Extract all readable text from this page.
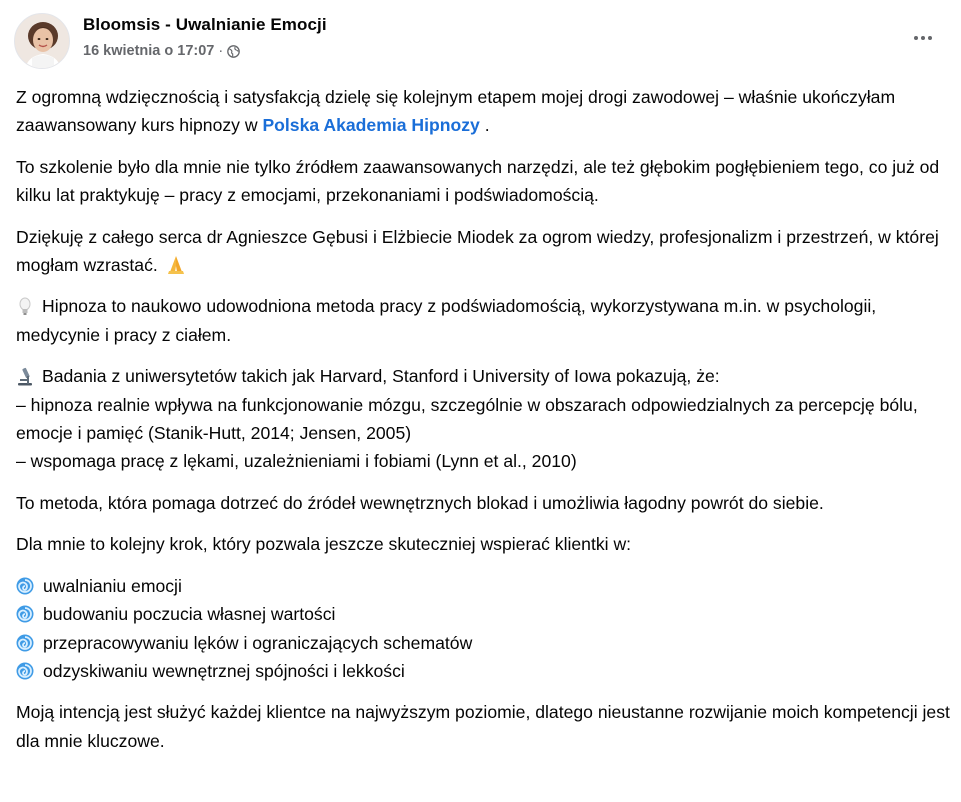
Bloomsis - Uwalnianie Emocji
16 kwietnia o 17:07 ·

Z ogromną wdzięcznością i satysfakcją dzielę się kolejnym etapem mojej drogi zawodowej – właśnie ukończyłam zaawansowany kurs hipnozy w Polska Akademia Hipnozy .

To szkolenie było dla mnie nie tylko źródłem zaawansowanych narzędzi, ale też głębokim pogłębieniem tego, co już od kilku lat praktykuję – pracy z emocjami, przekonaniami i podświadomością.

Dziękuję z całego serca dr Agnieszce Gębusi i Elżbiecie Miodek za ogrom wiedzy, profesjonalizm i przestrzeń, w której mogłam wzrastać.

Hipnoza to naukowo udowodniona metoda pracy z podświadomością, wykorzystywana m.in. w psychologii, medycynie i pracy z ciałem.

Badania z uniwersytetów takich jak Harvard, Stanford i University of Iowa pokazują, że:
– hipnoza realnie wpływa na funkcjonowanie mózgu, szczególnie w obszarach odpowiedzialnych za percepcję bólu, emocje i pamięć (Stanik-Hutt, 2014; Jensen, 2005)
– wspomaga pracę z lękami, uzależnieniami i fobiami (Lynn et al., 2010)

To metoda, która pomaga dotrzeć do źródeł wewnętrznych blokad i umożliwia łagodny powrót do siebie.

Dla mnie to kolejny krok, który pozwala jeszcze skuteczniej wspierać klientki w:

uwalnianiu emocji
budowaniu poczucia własnej wartości
przepracowywaniu lęków i ograniczających schematów
odzyskiwaniu wewnętrznej spójności i lekkości

Moją intencją jest służyć każdej klientce na najwyższym poziomie, dlatego nieustanne rozwijanie moich kompetencji jest dla mnie kluczowe.
